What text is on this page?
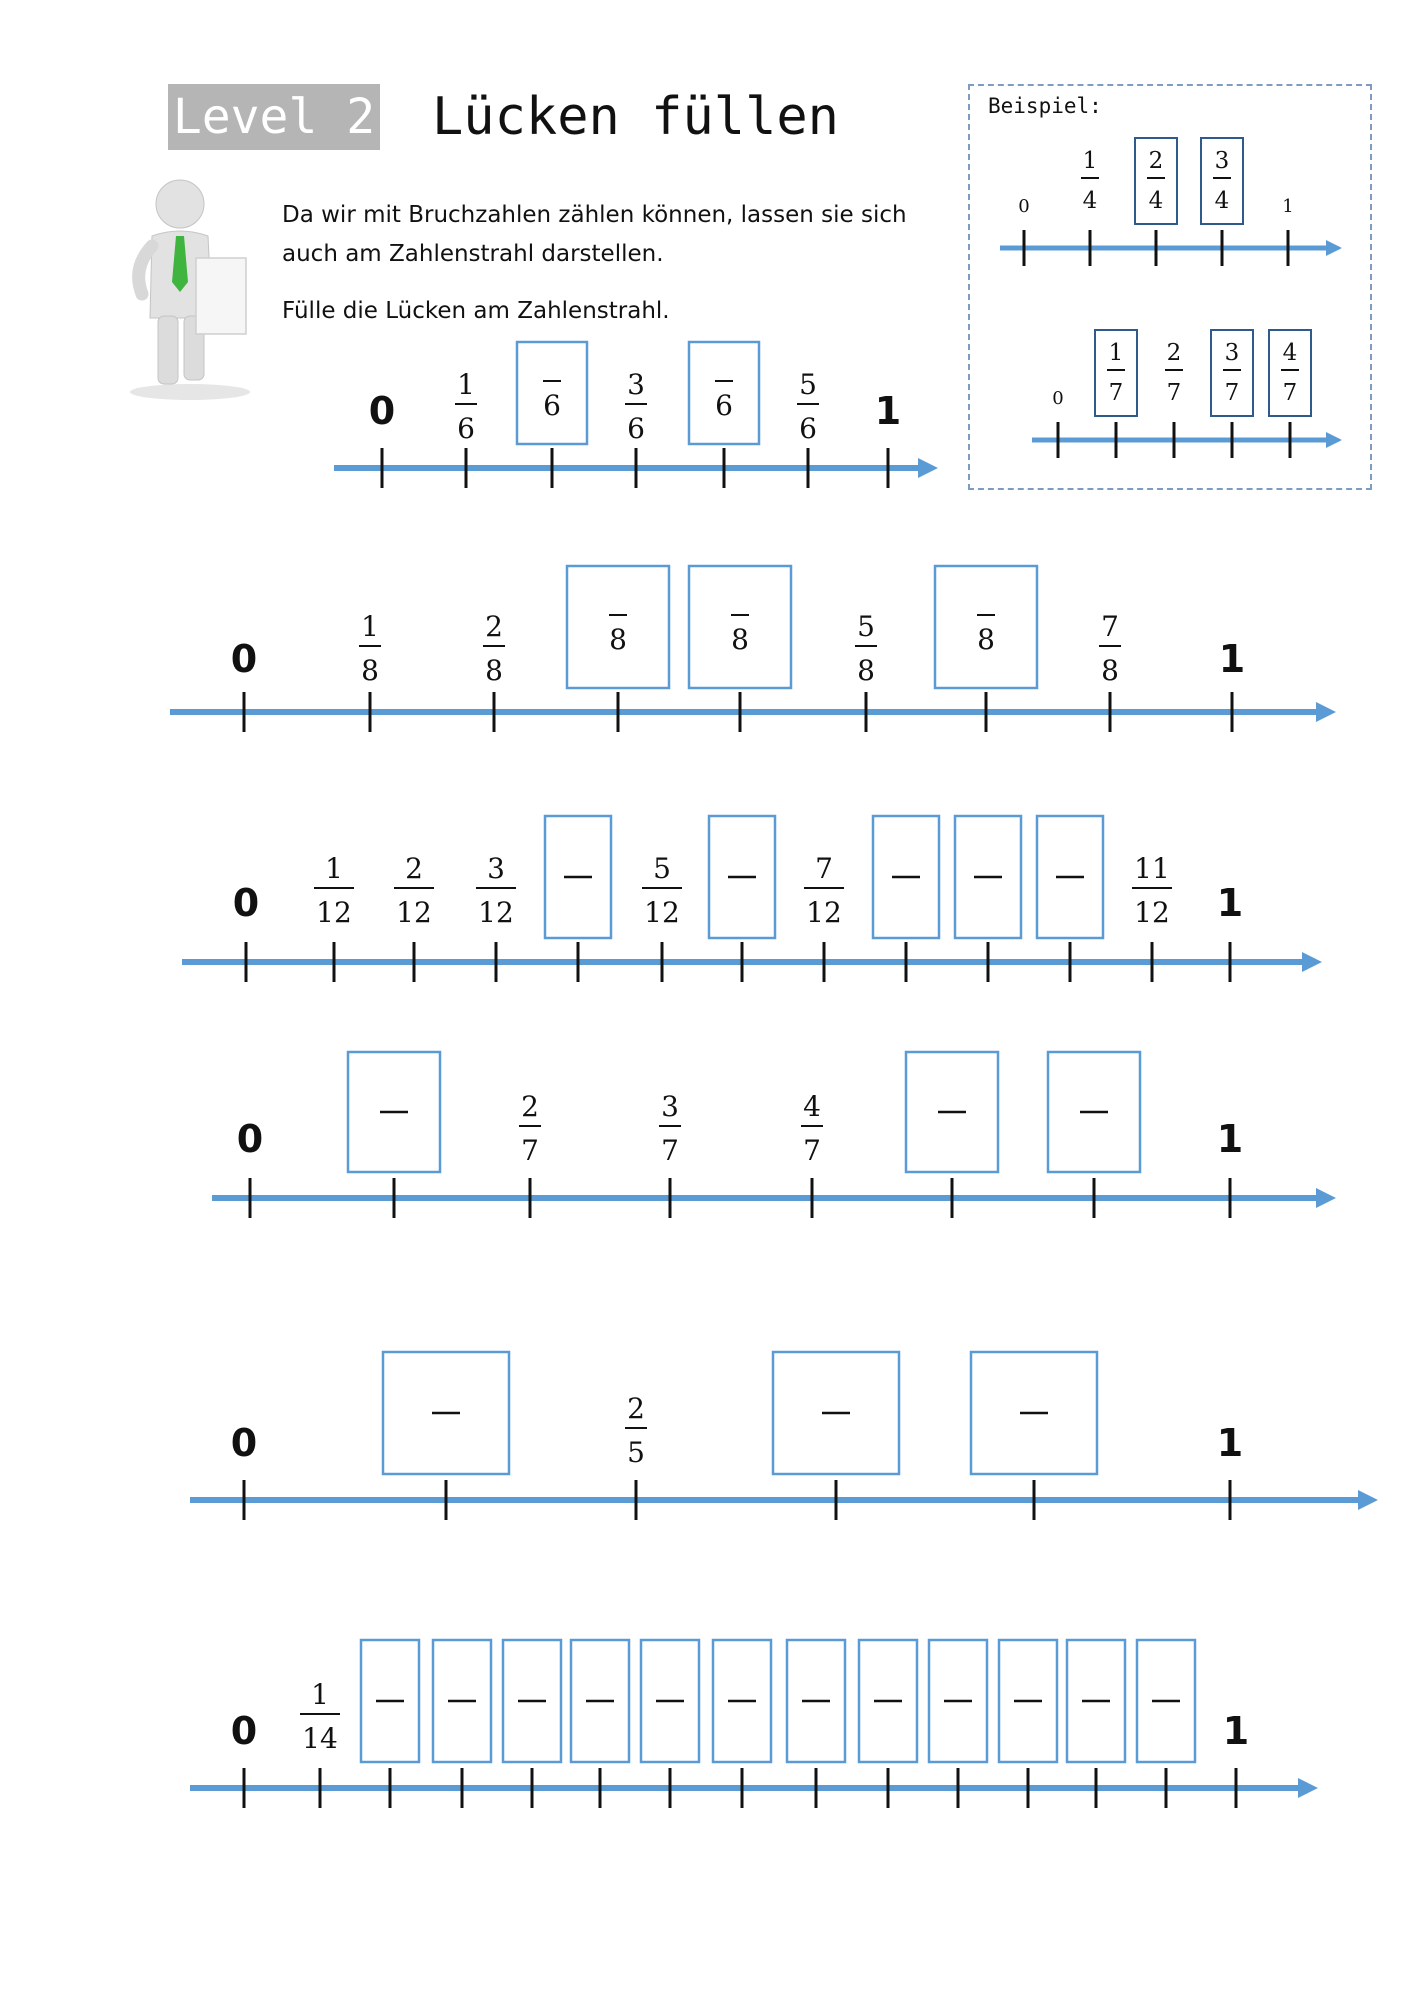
Level 2 Lücken füllen
Da wir mit Bruchzahlen zählen können, lassen sie sich auch am Zahlenstrahl darstellen.
Fülle die Lücken am Zahlenstrahl.
Beispiel:
0	1
1
4
2
4
3
4
0
1
7
2
7
3
7
4
7
0	1
1
6
6
3
6
6
5
6
0	1
1
8
2
8
8	8	5
8
8	7
8
0	1
1
12
2
12
3
12
5
12
7
12
11
12
0	1
2
7
3
7
4
7
0	1
2
5
0	1
1
14
